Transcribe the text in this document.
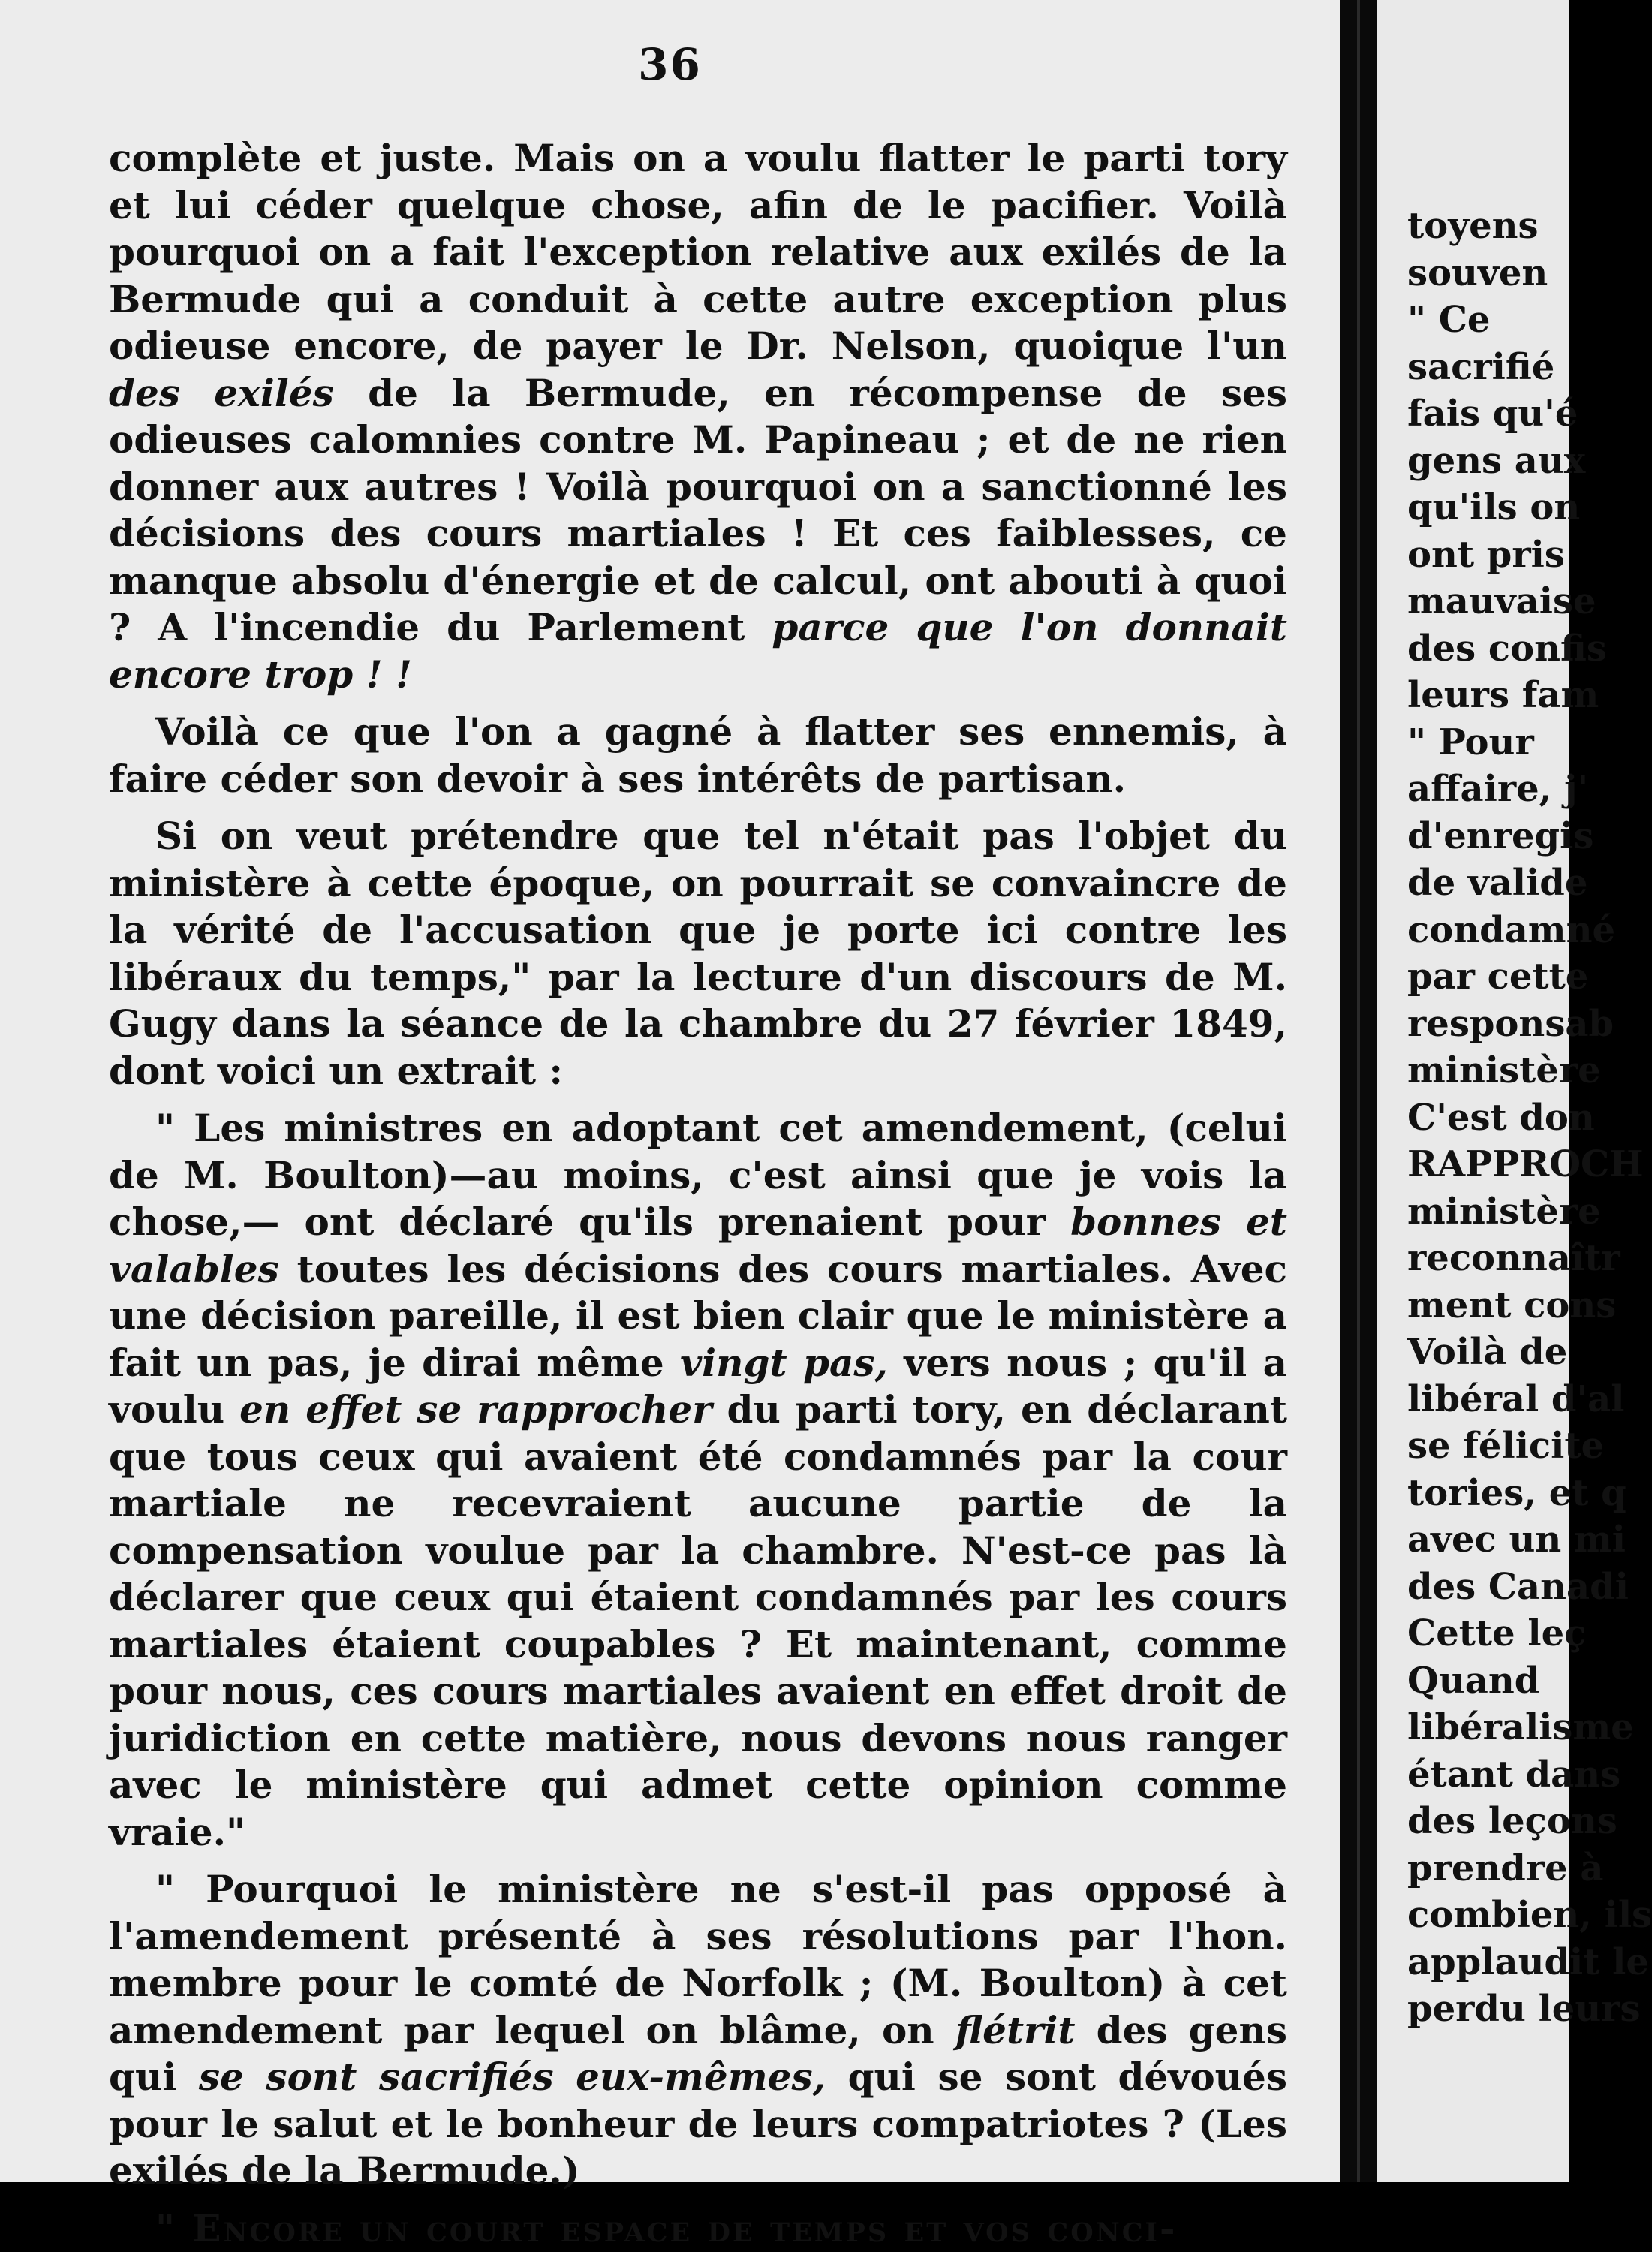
36

complète et juste. Mais on a voulu flatter le parti tory et lui céder quelque chose, afin de le pacifier. Voilà pourquoi on a fait l'exception relative aux exilés de la Bermude qui a conduit à cette autre exception plus odieuse encore, de payer le Dr. Nelson, quoique l'un des exilés de la Bermude, en récompense de ses odieuses calomnies contre M. Papineau ; et de ne rien donner aux autres ! Voilà pourquoi on a sanctionné les décisions des cours martiales ! Et ces faiblesses, ce manque absolu d'énergie et de calcul, ont abouti à quoi ? A l'incendie du Parlement parce que l'on donnait encore trop ! !

Voilà ce que l'on a gagné à flatter ses ennemis, à faire céder son devoir à ses intérêts de partisan.

Si on veut prétendre que tel n'était pas l'objet du ministère à cette époque, on pourrait se convaincre de la vérité de l'accusation que je porte ici contre les libéraux du temps," par la lecture d'un discours de M. Gugy dans la séance de la chambre du 27 février 1849, dont voici un extrait :

" Les ministres en adoptant cet amendement, (celui de M. Boulton)—au moins, c'est ainsi que je vois la chose,— ont déclaré qu'ils prenaient pour bonnes et valables toutes les décisions des cours martiales. Avec une décision pareille, il est bien clair que le ministère a fait un pas, je dirai même vingt pas, vers nous ; qu'il a voulu en effet se rapprocher du parti tory, en déclarant que tous ceux qui avaient été condamnés par la cour martiale ne recevraient aucune partie de la compensation voulue par la chambre. N'est-ce pas là déclarer que ceux qui étaient condamnés par les cours martiales étaient coupables ? Et maintenant, comme pour nous, ces cours martiales avaient en effet droit de juridiction en cette matière, nous devons nous ranger avec le ministère qui admet cette opinion comme vraie."

" Pourquoi le ministère ne s'est-il pas opposé à l'amendement présenté à ses résolutions par l'hon. membre pour le comté de Norfolk ; (M. Boulton) à cet amendement par lequel on blâme, on flétrit des gens qui se sont sacrifiés eux-mêmes, qui se sont dévoués pour le salut et le bonheur de leurs compatriotes ? (Les exilés de la Bermude.)

" Encore un court espace de temps et vos conci-

toyens
souven
" Ce
sacrifié
fais qu'é
gens aux
qu'ils on
ont pris
mauvaise
des confis
leurs fam
" Pour
affaire, j'
d'enregis
de valide
condamné
par cette
responsab
ministère
C'est don
RAPPROCH
ministère
reconnaîtr
ment cons
Voilà de
libéral d'al
se félicite
tories, et q
avec un mi
des Canadi
Cette leç
Quand
libéralisme
étant dans
des leçons
prendre à
combien, ils
applaudit le
perdu leurs
